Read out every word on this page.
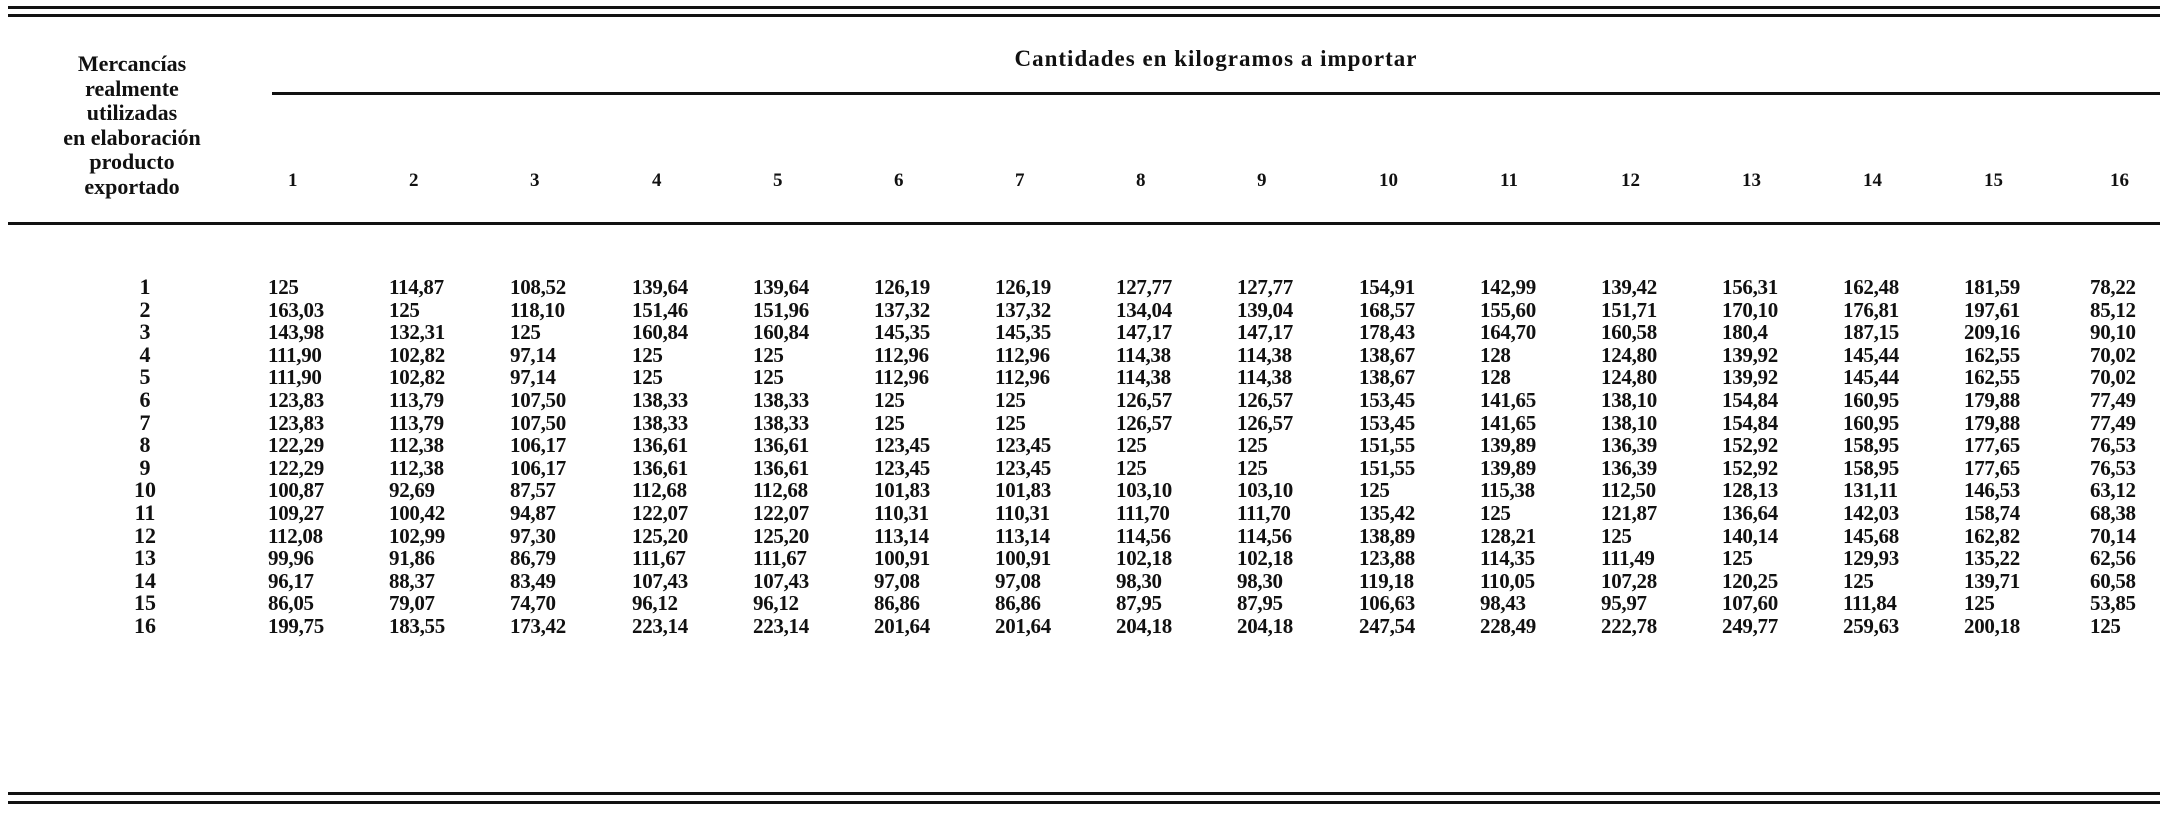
Mercancías
realmente
utilizadas
en elaboración
producto
exportado
Cantidades en kilogramos a importar
1	2	3	4	5	6	7	8	9	10	11	12	13	14	15	16
1	125	114,87	108,52	139,64	139,64	126,19	126,19	127,77	127,77	154,91	142,99	139,42	156,31	162,48	181,59	78,22
2	163,03	125	118,10	151,46	151,96	137,32	137,32	134,04	139,04	168,57	155,60	151,71	170,10	176,81	197,61	85,12
3	143,98	132,31	125	160,84	160,84	145,35	145,35	147,17	147,17	178,43	164,70	160,58	180,4	187,15	209,16	90,10
4	111,90	102,82	97,14	125	125	112,96	112,96	114,38	114,38	138,67	128	124,80	139,92	145,44	162,55	70,02
5	111,90	102,82	97,14	125	125	112,96	112,96	114,38	114,38	138,67	128	124,80	139,92	145,44	162,55	70,02
6	123,83	113,79	107,50	138,33	138,33	125	125	126,57	126,57	153,45	141,65	138,10	154,84	160,95	179,88	77,49
7	123,83	113,79	107,50	138,33	138,33	125	125	126,57	126,57	153,45	141,65	138,10	154,84	160,95	179,88	77,49
8	122,29	112,38	106,17	136,61	136,61	123,45	123,45	125	125	151,55	139,89	136,39	152,92	158,95	177,65	76,53
9	122,29	112,38	106,17	136,61	136,61	123,45	123,45	125	125	151,55	139,89	136,39	152,92	158,95	177,65	76,53
10	100,87	92,69	87,57	112,68	112,68	101,83	101,83	103,10	103,10	125	115,38	112,50	128,13	131,11	146,53	63,12
11	109,27	100,42	94,87	122,07	122,07	110,31	110,31	111,70	111,70	135,42	125	121,87	136,64	142,03	158,74	68,38
12	112,08	102,99	97,30	125,20	125,20	113,14	113,14	114,56	114,56	138,89	128,21	125	140,14	145,68	162,82	70,14
13	99,96	91,86	86,79	111,67	111,67	100,91	100,91	102,18	102,18	123,88	114,35	111,49	125	129,93	135,22	62,56
14	96,17	88,37	83,49	107,43	107,43	97,08	97,08	98,30	98,30	119,18	110,05	107,28	120,25	125	139,71	60,58
15	86,05	79,07	74,70	96,12	96,12	86,86	86,86	87,95	87,95	106,63	98,43	95,97	107,60	111,84	125	53,85
16	199,75	183,55	173,42	223,14	223,14	201,64	201,64	204,18	204,18	247,54	228,49	222,78	249,77	259,63	200,18	125
